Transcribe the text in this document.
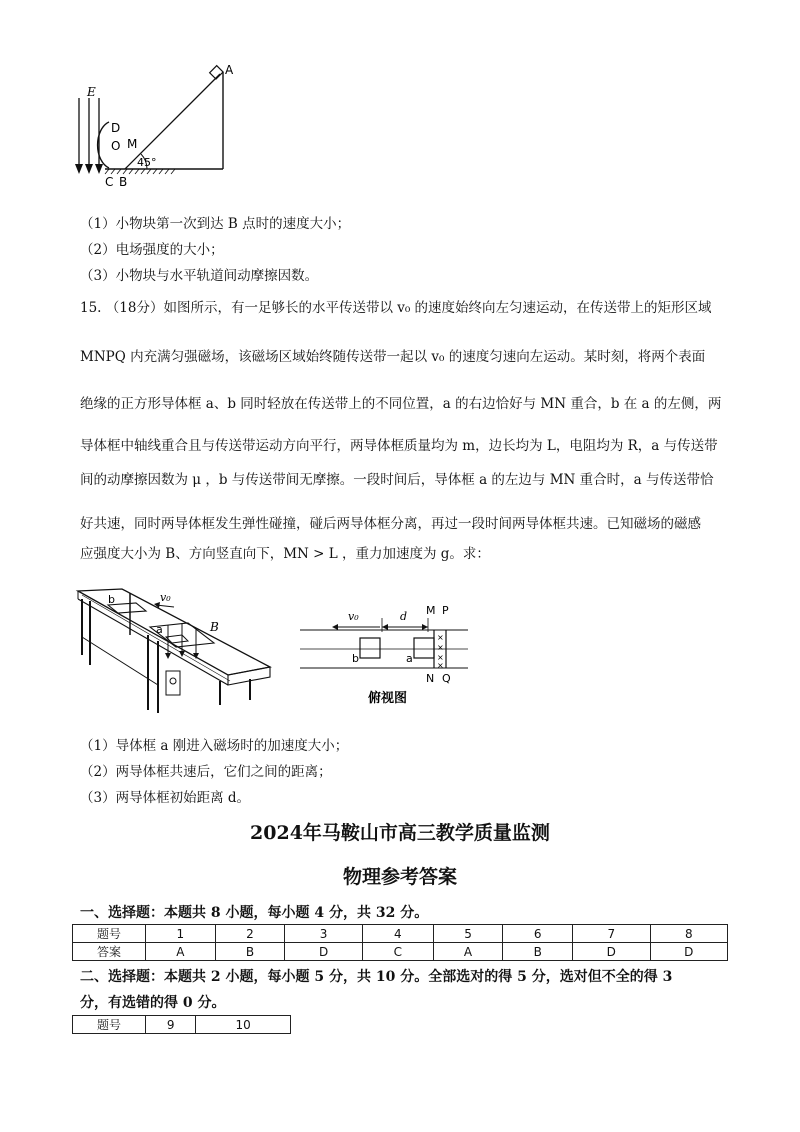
A
E
D
O M
45°
C B
（1）小物块第一次到达 B 点时的速度大小；
（2）电场强度的大小；
（3）小物块与水平轨道间动摩擦因数。
15. （18分）如图所示，有一足够长的水平传送带以 v₀ 的速度始终向左匀速运动，在传送带上的矩形区域
MNPQ 内充满匀强磁场，该磁场区域始终随传送带一起以 v₀ 的速度匀速向左运动。某时刻，将两个表面
绝缘的正方形导体框 a、b 同时轻放在传送带上的不同位置，a 的右边恰好与 MN 重合，b 在 a 的左侧，两
导体框中轴线重合且与传送带运动方向平行，两导体框质量均为 m，边长均为 L，电阻均为 R，a 与传送带
间的动摩擦因数为 μ ，b 与传送带间无摩擦。一段时间后，导体框 a 的左边与 MN 重合时，a 与传送带恰
好共速，同时两导体框发生弹性碰撞，碰后两导体框分离，再过一段时间两导体框共速。已知磁场的磁感
应强度大小为 B、方向竖直向下，MN > L ，重力加速度为 g。求：
b	v₀
a	B
×
×
×
×
v₀	d M P
b	a
N Q
俯视图
（1）导体框 a 刚进入磁场时的加速度大小；
（2）两导体框共速后，它们之间的距离；
（3）两导体框初始距离 d。
2024年马鞍山市高三教学质量监测
物理参考答案
一、选择题：本题共 8 小题，每小题 4 分，共 32 分。
题号	1	2	3	4	5	6	7	8
答案	A	B	D	C	A	B	D	D
二、选择题：本题共 2 小题，每小题 5 分，共 10 分。全部选对的得 5 分，选对但不全的得 3
分，有选错的得 0 分。
题号	9	10
